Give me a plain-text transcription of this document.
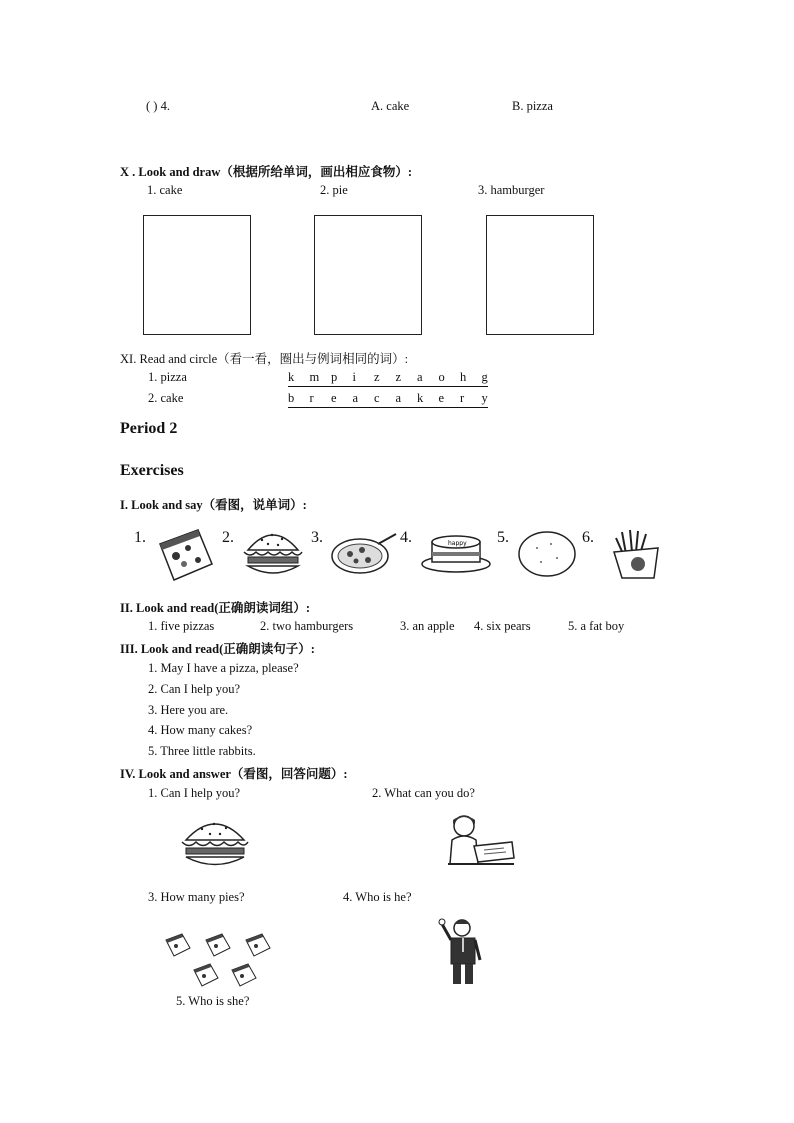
( ) 4.	A. cake	B. pizza
X . Look and draw（根据所给单词，画出相应食物）:
1. cake	2. pie	3. hamburger
XI. Read and circle（看一看，圈出与例词相同的词）:
1. pizza	k m p i z z a o h g
2. cake	b r e a c a k e r y
Period 2
Exercises
I. Look and say（看图，说单词）:
1.	2.	3.	4.	5.	6.
happy
II. Look and read(正确朗读词组）:
1. five pizzas	2. two hamburgers	3. an apple 4. six pears	5. a fat boy
III. Look and read(正确朗读句子）:
1. May I have a pizza, please?
2. Can I help you?
3. Here you are.
4. How many cakes?
5. Three little rabbits.
IV. Look and answer（看图，回答问题）:
1. Can I help you?	2. What can you do?
3. How many pies?	4. Who is he?
5. Who is she?
